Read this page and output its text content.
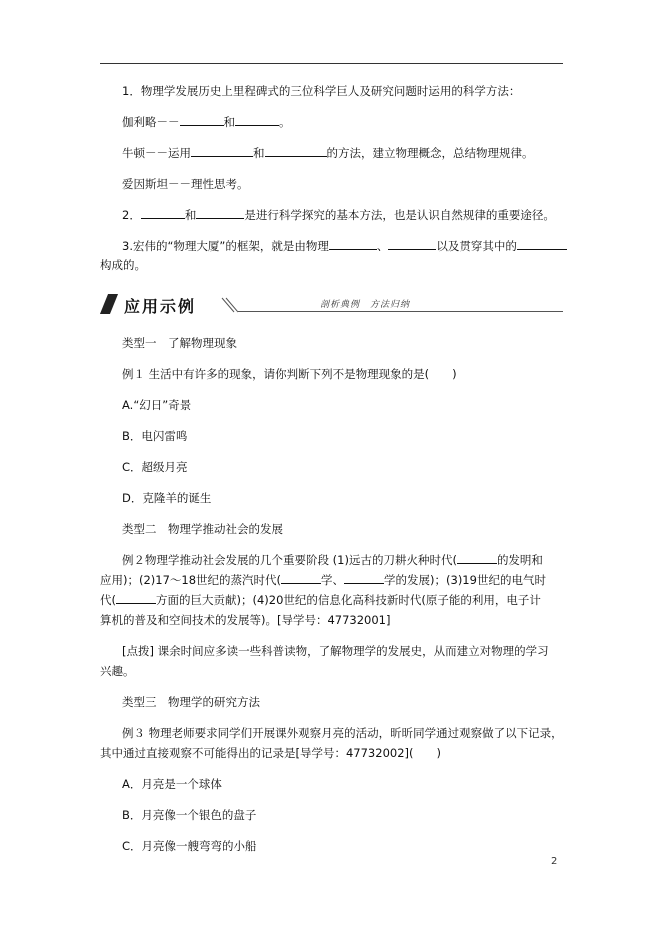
1．物理学发展历史上里程碑式的三位科学巨人及研究问题时运用的科学方法：
伽利略－－	和	。
牛顿－－运用	和	的方法，建立物理概念，总结物理规律。
爱因斯坦－－理性思考。
2．	和	是进行科学探究的基本方法，也是认识自然规律的重要途径。
3.宏伟的“物理大厦”的框架，就是由物理	、	以及贯穿其中的
构成的。
应用示例	剖析典例　方法归纳
类型一　了解物理现象
例１ 生活中有许多的现象，请你判断下列不是物理现象的是(　　)
A.“幻日”奇景
B．电闪雷鸣
C．超级月亮
D．克隆羊的诞生
类型二　物理学推动社会的发展
例２物理学推动社会发展的几个重要阶段 (1)远古的刀耕火种时代(	的发明和
应用)；(2)17～18世纪的蒸汽时代(	学、	学的发展)；(3)19世纪的电气时
代(	方面的巨大贡献)；(4)20世纪的信息化高科技新时代(原子能的利用，电子计
算机的普及和空间技术的发展等)。[导学号：47732001]
[点拨] 课余时间应多读一些科普读物，了解物理学的发展史，从而建立对物理的学习
兴趣。
类型三　物理学的研究方法
例３ 物理老师要求同学们开展课外观察月亮的活动，昕昕同学通过观察做了以下记录，
其中通过直接观察不可能得出的记录是[导学号：47732002](　　)
A．月亮是一个球体
B．月亮像一个银色的盘子
C．月亮像一艘弯弯的小船
2
